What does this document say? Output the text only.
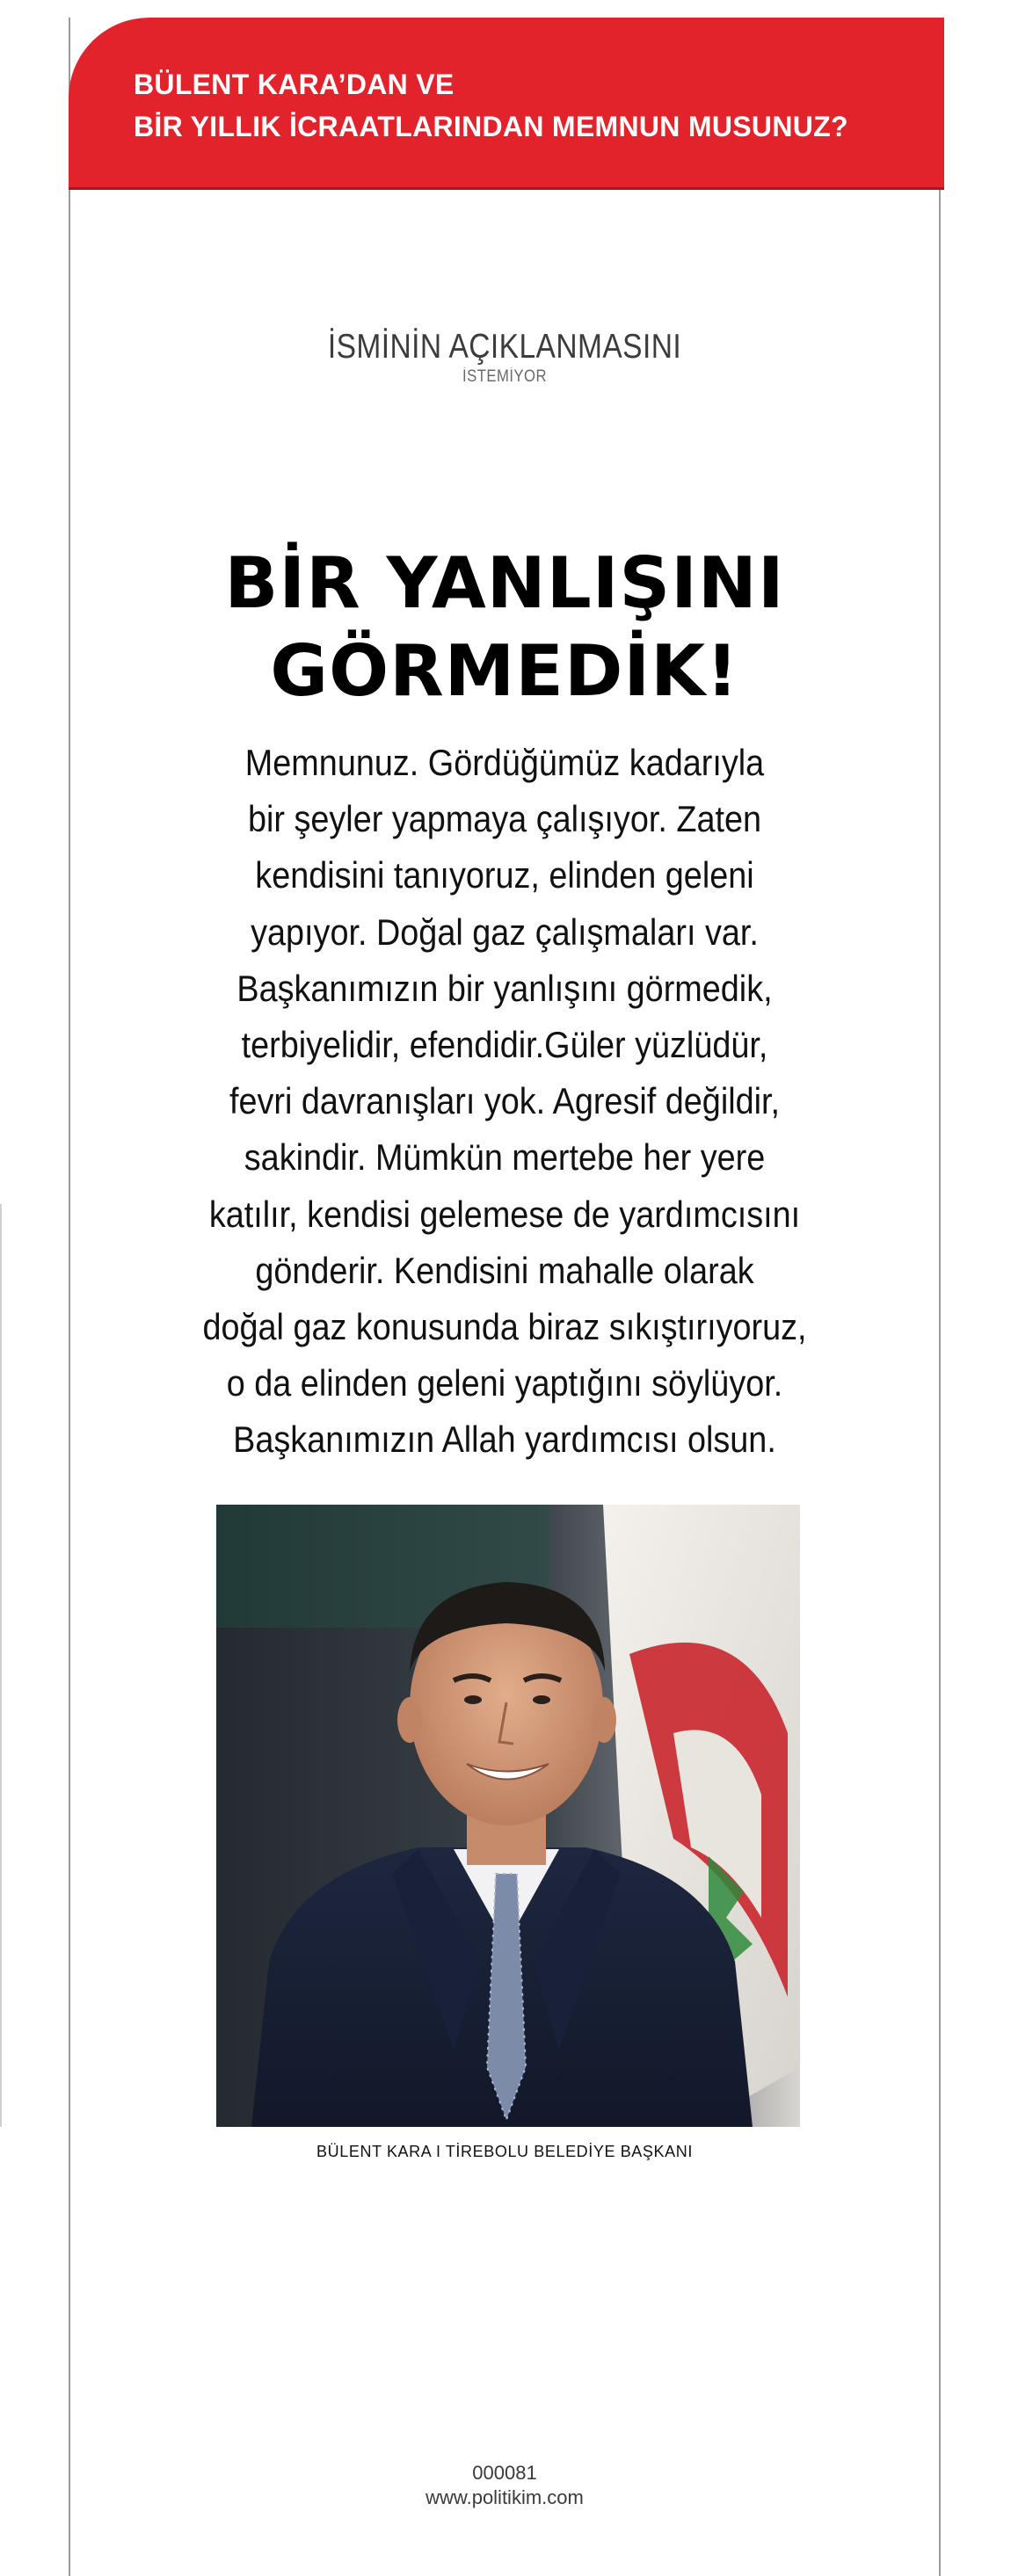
BÜLENT KARA’DAN VE
BİR YILLIK İCRAATLARINDAN MEMNUN MUSUNUZ?
İSMİNİN AÇIKLANMASINI
İSTEMİYOR
BİR YANLIŞINI
GÖRMEDİK!
Memnunuz. Gördüğümüz kadarıyla
bir şeyler yapmaya çalışıyor. Zaten
kendisini tanıyoruz, elinden geleni
yapıyor. Doğal gaz çalışmaları var.
Başkanımızın bir yanlışını görmedik,
terbiyelidir, efendidir.Güler yüzlüdür,
fevri davranışları yok. Agresif değildir,
sakindir. Mümkün mertebe her yere
katılır, kendisi gelemese de yardımcısını
gönderir. Kendisini mahalle olarak
doğal gaz konusunda biraz sıkıştırıyoruz,
o da elinden geleni yaptığını söylüyor.
Başkanımızın Allah yardımcısı olsun.
BÜLENT KARA I TİREBOLU BELEDİYE BAŞKANI
000081
www.politikim.com
